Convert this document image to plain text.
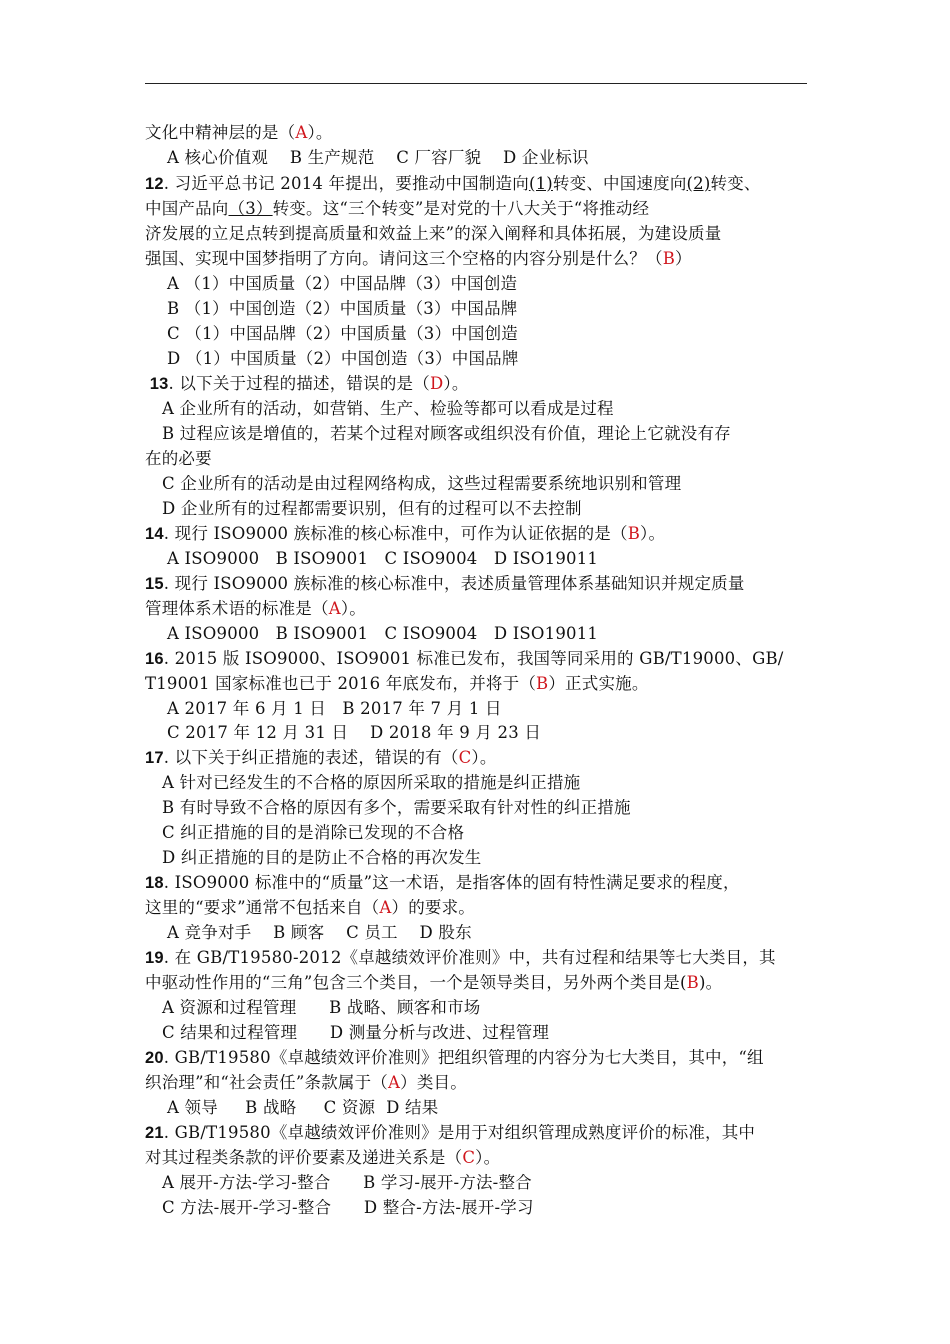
文化中精神层的是（A）。
A 核心价值观    B 生产规范    C 厂容厂貌    D 企业标识
12. 习近平总书记 2014 年提出，要推动中国制造向(1)转变、中国速度向(2)转变、
中国产品向（3）转变。这“三个转变”是对党的十八大关于“将推动经
济发展的立足点转到提高质量和效益上来”的深入阐释和具体拓展，为建设质量
强国、实现中国梦指明了方向。请问这三个空格的内容分别是什么？（B）
A （1）中国质量（2）中国品牌（3）中国创造
B （1）中国创造（2）中国质量（3）中国品牌
C （1）中国品牌（2）中国质量（3）中国创造
D （1）中国质量（2）中国创造（3）中国品牌
13. 以下关于过程的描述，错误的是（D）。
A 企业所有的活动，如营销、生产、检验等都可以看成是过程
B 过程应该是增值的，若某个过程对顾客或组织没有价值，理论上它就没有存
在的必要
C 企业所有的活动是由过程网络构成，这些过程需要系统地识别和管理
D 企业所有的过程都需要识别，但有的过程可以不去控制
14. 现行 ISO9000 族标准的核心标准中，可作为认证依据的是（B）。
A ISO9000   B ISO9001   C ISO9004   D ISO19011
15. 现行 ISO9000 族标准的核心标准中，表述质量管理体系基础知识并规定质量
管理体系术语的标准是（A）。
A ISO9000   B ISO9001   C ISO9004   D ISO19011
16. 2015 版 ISO9000、ISO9001 标准已发布，我国等同采用的 GB/T19000、GB/
T19001 国家标准也已于 2016 年底发布，并将于（B）正式实施。
A 2017 年 6 月 1 日   B 2017 年 7 月 1 日
C 2017 年 12 月 31 日    D 2018 年 9 月 23 日
17. 以下关于纠正措施的表述，错误的有（C）。
A 针对已经发生的不合格的原因所采取的措施是纠正措施
B 有时导致不合格的原因有多个，需要采取有针对性的纠正措施
C 纠正措施的目的是消除已发现的不合格
D 纠正措施的目的是防止不合格的再次发生
18. ISO9000 标准中的“质量”这一术语，是指客体的固有特性满足要求的程度，
这里的“要求”通常不包括来自（A）的要求。
A 竞争对手    B 顾客    C 员工    D 股东
19. 在 GB/T19580-2012《卓越绩效评价准则》中，共有过程和结果等七大类目，其
中驱动性作用的“三角”包含三个类目，一个是领导类目，另外两个类目是(B)。
A 资源和过程管理      B 战略、顾客和市场
C 结果和过程管理      D 测量分析与改进、过程管理
20. GB/T19580《卓越绩效评价准则》把组织管理的内容分为七大类目，其中，“组
织治理”和“社会责任”条款属于（A）类目。
A 领导     B 战略     C 资源  D 结果
21. GB/T19580《卓越绩效评价准则》是用于对组织管理成熟度评价的标准，其中
对其过程类条款的评价要素及递进关系是（C）。
A 展开-方法-学习-整合      B 学习-展开-方法-整合
C 方法-展开-学习-整合      D 整合-方法-展开-学习
